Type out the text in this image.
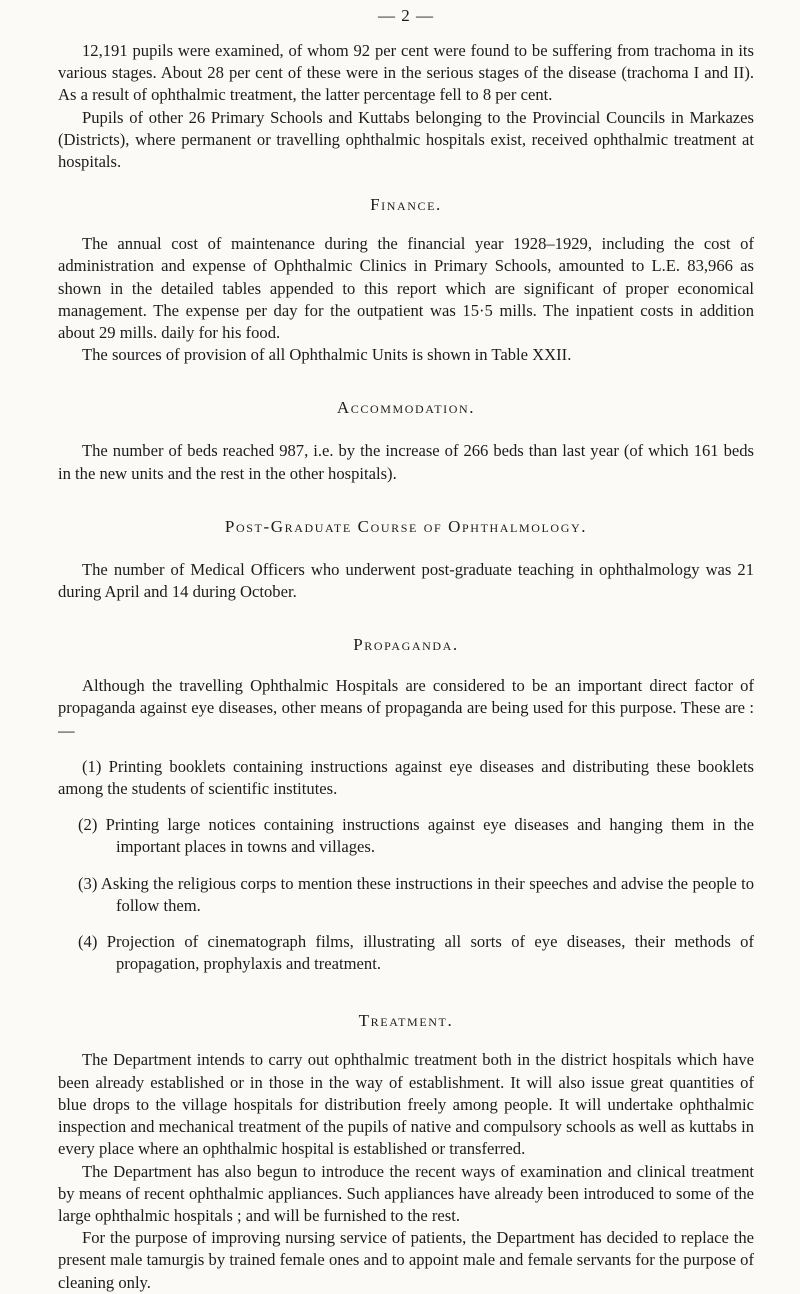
— 2 —

12,191 pupils were examined, of whom 92 per cent were found to be suffering from trachoma in its various stages. About 28 per cent of these were in the serious stages of the disease (trachoma I and II). As a result of ophthalmic treatment, the latter percentage fell to 8 per cent.

Pupils of other 26 Primary Schools and Kuttabs belonging to the Provincial Councils in Markazes (Districts), where permanent or travelling ophthalmic hospitals exist, received ophthalmic treatment at hospitals.

Finance.

The annual cost of maintenance during the financial year 1928–1929, including the cost of administration and expense of Ophthalmic Clinics in Primary Schools, amounted to L.E. 83,966 as shown in the detailed tables appended to this report which are significant of proper economical management. The expense per day for the outpatient was 15·5 mills. The inpatient costs in addition about 29 mills. daily for his food.

The sources of provision of all Ophthalmic Units is shown in Table XXII.

Accommodation.

The number of beds reached 987, i.e. by the increase of 266 beds than last year (of which 161 beds in the new units and the rest in the other hospitals).

Post-Graduate Course of Ophthalmology.

The number of Medical Officers who underwent post-graduate teaching in ophthalmology was 21 during April and 14 during October.

Propaganda.

Although the travelling Ophthalmic Hospitals are considered to be an important direct factor of propaganda against eye diseases, other means of propaganda are being used for this purpose. These are :—

(1) Printing booklets containing instructions against eye diseases and distributing these booklets among the students of scientific institutes.
(2) Printing large notices containing instructions against eye diseases and hanging them in the important places in towns and villages.
(3) Asking the religious corps to mention these instructions in their speeches and advise the people to follow them.
(4) Projection of cinematograph films, illustrating all sorts of eye diseases, their methods of propagation, prophylaxis and treatment.
Treatment.

The Department intends to carry out ophthalmic treatment both in the district hospitals which have been already established or in those in the way of establishment. It will also issue great quantities of blue drops to the village hospitals for distribution freely among people. It will undertake ophthalmic inspection and mechanical treatment of the pupils of native and compulsory schools as well as kuttabs in every place where an ophthalmic hospital is established or transferred.

The Department has also begun to introduce the recent ways of examination and clinical treatment by means of recent ophthalmic appliances. Such appliances have already been introduced to some of the large ophthalmic hospitals ; and will be furnished to the rest.

For the purpose of improving nursing service of patients, the Department has decided to replace the present male tamurgis by trained female ones and to appoint male and female servants for the purpose of cleaning only.
